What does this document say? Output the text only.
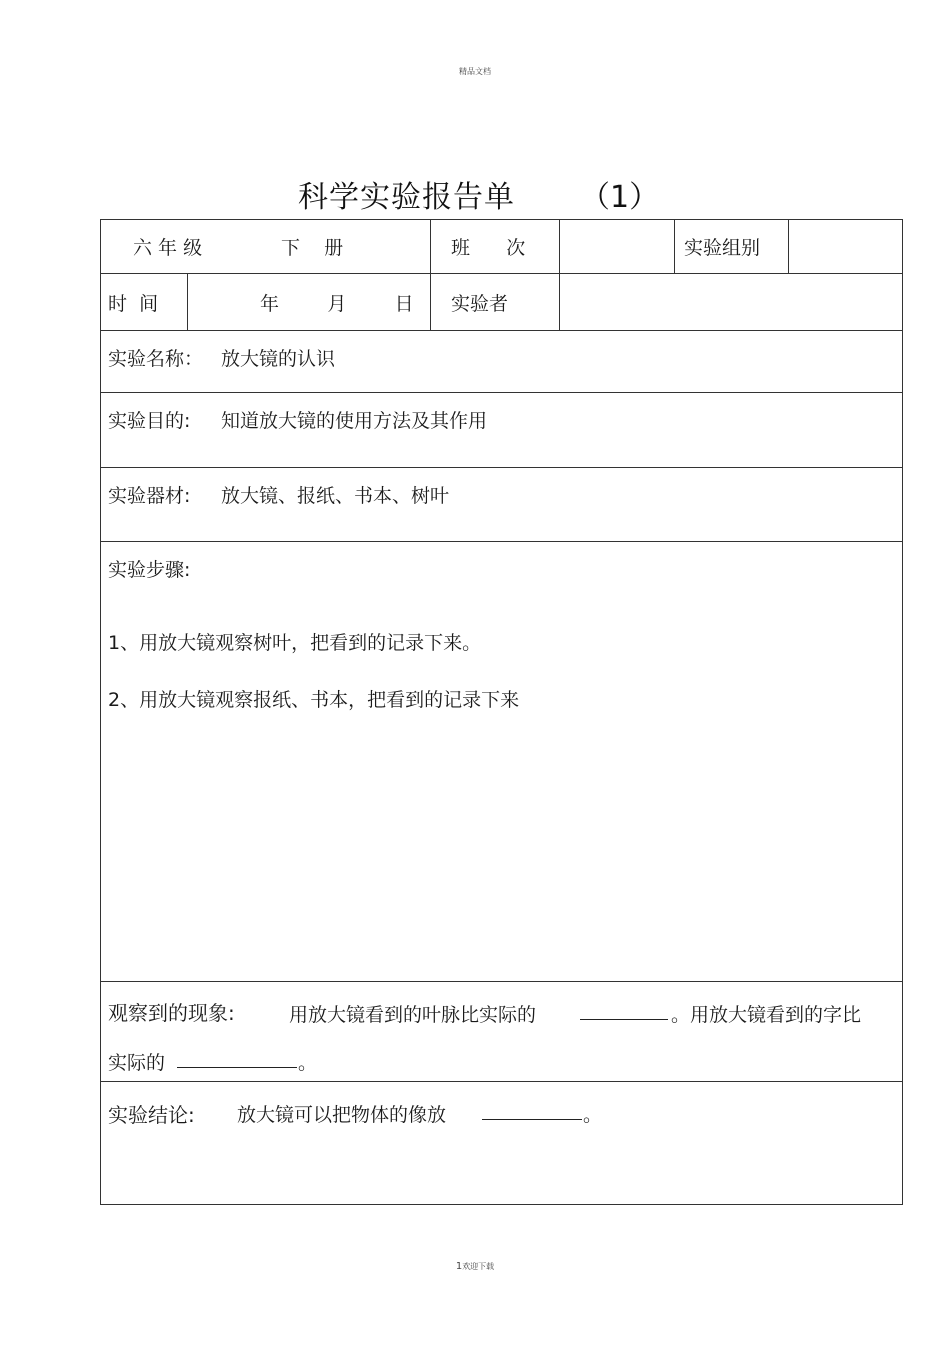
精品文档
科学实验报告单 （1）
六 年 级	下    册	班      次	实验组别
时  间	年        月        日 实验者
实验名称： 放大镜的认识
实验目的: 知道放大镜的使用方法及其作用
实验器材: 放大镜、报纸、书本、树叶
实验步骤:
1、用放大镜观察树叶，把看到的记录下来。
2、用放大镜观察报纸、书本，把看到的记录下来
观察到的现象:	用放大镜看到的叶脉比实际的	。用放大镜看到的字比
实际的	。
实验结论: 放大镜可以把物体的像放	。
1欢迎下载
